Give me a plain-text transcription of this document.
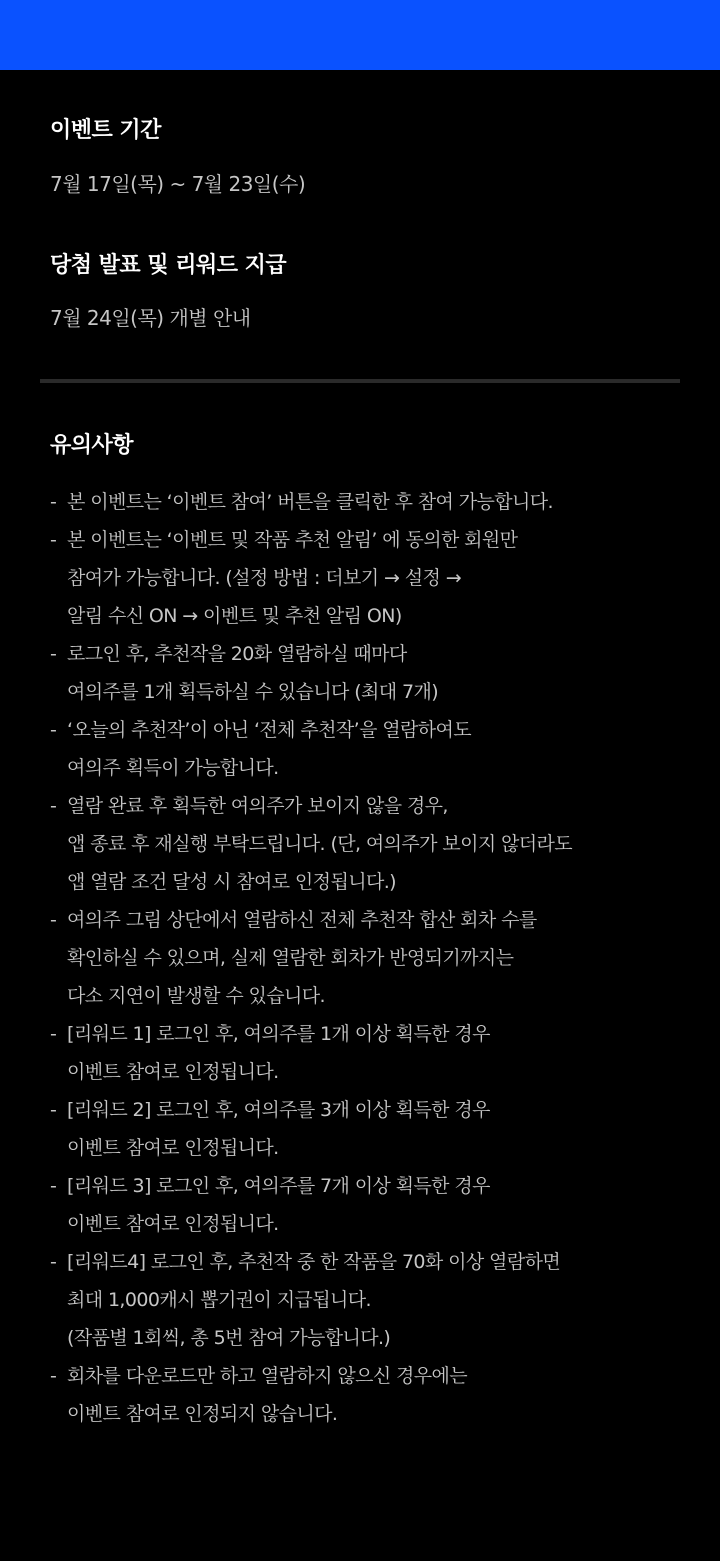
이벤트 기간

7월 17일(목) ~ 7월 23일(수)

당첨 발표 및 리워드 지급

7월 24일(목) 개별 안내

유의사항
- 본 이벤트는 ‘이벤트 참여’ 버튼을 클릭한 후 참여 가능합니다.
- 본 이벤트는 ‘이벤트 및 작품 추천 알림’ 에 동의한 회원만
참여가 가능합니다. (설정 방법 : 더보기 → 설정 →
알림 수신 ON → 이벤트 및 추천 알림 ON)
- 로그인 후, 추천작을 20화 열람하실 때마다
여의주를 1개 획득하실 수 있습니다 (최대 7개)
- ‘오늘의 추천작’이 아닌 ‘전체 추천작’을 열람하여도
여의주 획득이 가능합니다.
- 열람 완료 후 획득한 여의주가 보이지 않을 경우,
앱 종료 후 재실행 부탁드립니다. (단, 여의주가 보이지 않더라도
앱 열람 조건 달성 시 참여로 인정됩니다.)
- 여의주 그림 상단에서 열람하신 전체 추천작 합산 회차 수를
확인하실 수 있으며, 실제 열람한 회차가 반영되기까지는
다소 지연이 발생할 수 있습니다.
- [리워드 1] 로그인 후, 여의주를 1개 이상 획득한 경우
이벤트 참여로 인정됩니다.
- [리워드 2] 로그인 후, 여의주를 3개 이상 획득한 경우
이벤트 참여로 인정됩니다.
- [리워드 3] 로그인 후, 여의주를 7개 이상 획득한 경우
이벤트 참여로 인정됩니다.
- [리워드4] 로그인 후, 추천작 중 한 작품을 70화 이상 열람하면
최대 1,000캐시 뽑기권이 지급됩니다.
(작품별 1회씩, 총 5번 참여 가능합니다.)
- 회차를 다운로드만 하고 열람하지 않으신 경우에는
이벤트 참여로 인정되지 않습니다.
